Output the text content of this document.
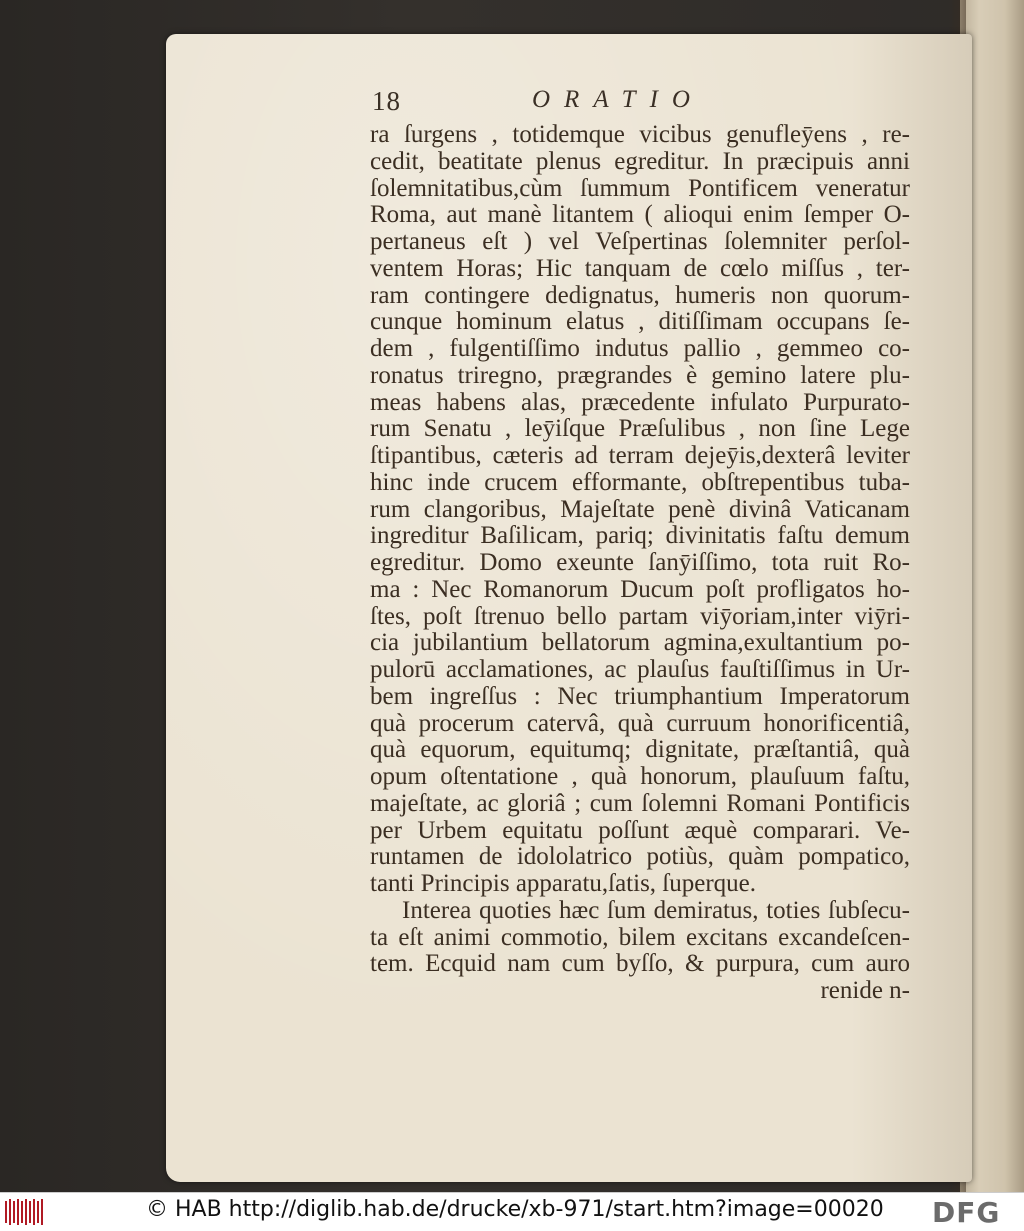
18	ORATIO
ra ſurgens , totidemque vicibus genufleȳens , re-
cedit, beatitate plenus egreditur. In præcipuis anni
ſolemnitatibus,cùm ſummum Pontificem veneratur
Roma, aut manè litantem ( alioqui enim ſemper O-
pertaneus eſt ) vel Veſpertinas ſolemniter perſol-
ventem Horas; Hic tanquam de cœlo miſſus , ter-
ram contingere dedignatus, humeris non quorum-
cunque hominum elatus , ditiſſimam occupans ſe-
dem , fulgentiſſimo indutus pallio , gemmeo co-
ronatus triregno, prægrandes è gemino latere plu-
meas habens alas, præcedente infulato Purpurato-
rum Senatu , leȳiſque Præſulibus , non ſine Lege
ſtipantibus, cæteris ad terram dejeȳis,dexterâ leviter
hinc inde crucem efformante, obſtrepentibus tuba-
rum clangoribus, Majeſtate penè divinâ Vaticanam
ingreditur Baſilicam, pariq; divinitatis faſtu demum
egreditur. Domo exeunte ſanȳiſſimo, tota ruit Ro-
ma : Nec Romanorum Ducum poſt profligatos ho-
ſtes, poſt ſtrenuo bello partam viȳoriam,inter viȳri-
cia jubilantium bellatorum agmina,exultantium po-
pulorū acclamationes, ac plauſus fauſtiſſimus in Ur-
bem ingreſſus : Nec triumphantium Imperatorum
quà procerum catervâ, quà curruum honorificentiâ,
quà equorum, equitumq; dignitate, præſtantiâ, quà
opum oſtentatione , quà honorum, plauſuum faſtu,
majeſtate, ac gloriâ ; cum ſolemni Romani Pontificis
per Urbem equitatu poſſunt æquè comparari. Ve-
runtamen de idololatrico potiùs, quàm pompatico,
tanti Principis apparatu,ſatis, ſuperque.
Interea quoties hæc ſum demiratus, toties ſubſecu-
ta eſt animi commotio, bilem excitans excandeſcen-
tem. Ecquid nam cum byſſo, & purpura, cum auro
renide n-
© HAB http://diglib.hab.de/drucke/xb-971/start.htm?image=00020 DFG
